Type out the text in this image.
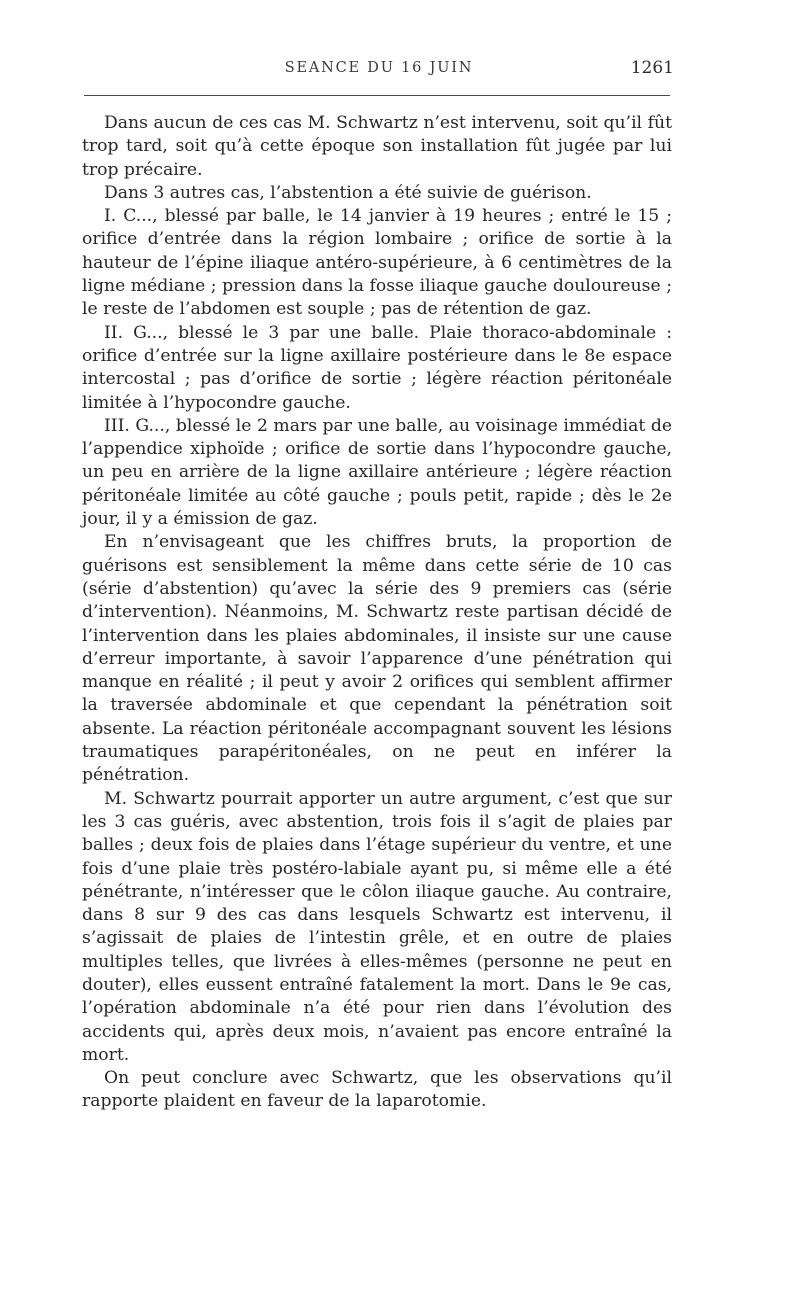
SEANCE DU 16 JUIN	1261

Dans aucun de ces cas M. Schwartz n’est intervenu, soit qu’il fût trop tard, soit qu’à cette époque son installation fût jugée par lui trop précaire.

Dans 3 autres cas, l’abstention a été suivie de guérison.

I. C..., blessé par balle, le 14 janvier à 19 heures ; entré le 15 ; orifice d’entrée dans la région lombaire ; orifice de sortie à la hauteur de l’épine iliaque antéro-supérieure, à 6 centimètres de la ligne médiane ; pression dans la fosse iliaque gauche douloureuse ; le reste de l’abdomen est souple ; pas de rétention de gaz.

II. G..., blessé le 3 par une balle. Plaie thoraco-abdominale : orifice d’entrée sur la ligne axillaire postérieure dans le 8e espace intercostal ; pas d’orifice de sortie ; légère réaction péritonéale limitée à l’hypocondre gauche.

III. G..., blessé le 2 mars par une balle, au voisinage immédiat de l’appendice xiphoïde ; orifice de sortie dans l’hypocondre gauche, un peu en arrière de la ligne axillaire antérieure ; légère réaction péritonéale limitée au côté gauche ; pouls petit, rapide ; dès le 2e jour, il y a émission de gaz.

En n’envisageant que les chiffres bruts, la proportion de guérisons est sensiblement la même dans cette série de 10 cas (série d’abstention) qu’avec la série des 9 premiers cas (série d’intervention). Néanmoins, M. Schwartz reste partisan décidé de l’intervention dans les plaies abdominales, il insiste sur une cause d’erreur importante, à savoir l’apparence d’une pénétration qui manque en réalité ; il peut y avoir 2 orifices qui semblent affirmer la traversée abdominale et que cependant la pénétration soit absente. La réaction péritonéale accompagnant souvent les lésions traumatiques parapéritonéales, on ne peut en inférer la pénétration.

M. Schwartz pourrait apporter un autre argument, c’est que sur les 3 cas guéris, avec abstention, trois fois il s’agit de plaies par balles ; deux fois de plaies dans l’étage supérieur du ventre, et une fois d’une plaie très postéro-labiale ayant pu, si même elle a été pénétrante, n’intéresser que le côlon iliaque gauche. Au contraire, dans 8 sur 9 des cas dans lesquels Schwartz est intervenu, il s’agissait de plaies de l’intestin grêle, et en outre de plaies multiples telles, que livrées à elles-mêmes (personne ne peut en douter), elles eussent entraîné fatalement la mort. Dans le 9e cas, l’opération abdominale n’a été pour rien dans l’évolution des accidents qui, après deux mois, n’avaient pas encore entraîné la mort.

On peut conclure avec Schwartz, que les observations qu’il rapporte plaident en faveur de la laparotomie.
